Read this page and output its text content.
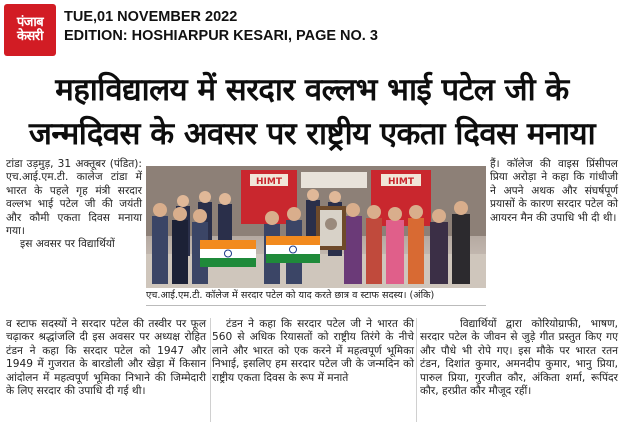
पंजाब
केसरी
TUE,01 NOVEMBER 2022
EDITION: HOSHIARPUR KESARI, PAGE NO. 3
महाविद्यालय में सरदार वल्लभ भाई पटेल जी के
जन्मदिवस के अवसर पर राष्ट्रीय एकता दिवस मनाया

टांडा उड़मुड़, 31 अक्तूबर (पंडित): एच.आई.एम.टी. कालेज टांडा में भारत के पहले गृह मंत्री सरदार वल्लभ भाई पटेल जी की जयंती और कौमी एकता दिवस मनाया गया।

इस अवसर पर विद्यार्थियों

HIMT	HIMT
एच.आई.एम.टी. कॉलेज में सरदार पटेल को याद करते छात्र व स्टाफ सदस्य। (अंकि)

हैं। कॉलेज की वाइस प्रिंसीपल प्रिया अरोड़ा ने कहा कि गांधीजी ने अपने अथक और संघर्षपूर्ण प्रयासों के कारण सरदार पटेल को आयरन मैन की उपाधि भी दी थी।

व स्टाफ सदस्यों ने सरदार पटेल की तस्वीर पर फूल चढ़ाकर श्रद्धांजलि दी इस अवसर पर अध्यक्ष रोहित टंडन ने कहा कि सरदार पटेल को 1947 और 1949 में गुजरात के बारडोली और खेड़ा में किसान आंदोलन में महत्वपूर्ण भूमिका निभाने की जिम्मेदारी के लिए सरदार की उपाधि दी गई थी।

टंडन ने कहा कि सरदार पटेल जी ने भारत की 560 से अधिक रियासतों को राष्ट्रीय तिरंगे के नीचे लाने और भारत को एक करने में महत्वपूर्ण भूमिका निभाई, इसलिए हम सरदार पटेल जी के जन्मदिन को राष्ट्रीय एकता दिवस के रूप में मनाते

विद्यार्थियों द्वारा कोरियोग्राफी, भाषण, सरदार पटेल के जीवन से जुड़े गीत प्रस्तुत किए गए और पौधे भी रोपे गए। इस मौके पर भारत रतन टंडन, दिशांत कुमार, अमनदीप कुमार, भानु प्रिया, पारुल प्रिया, गुरजीत कौर, अंकिता शर्मा, रूपिंदर कौर, हरप्रीत कौर मौजूद रहीं।
